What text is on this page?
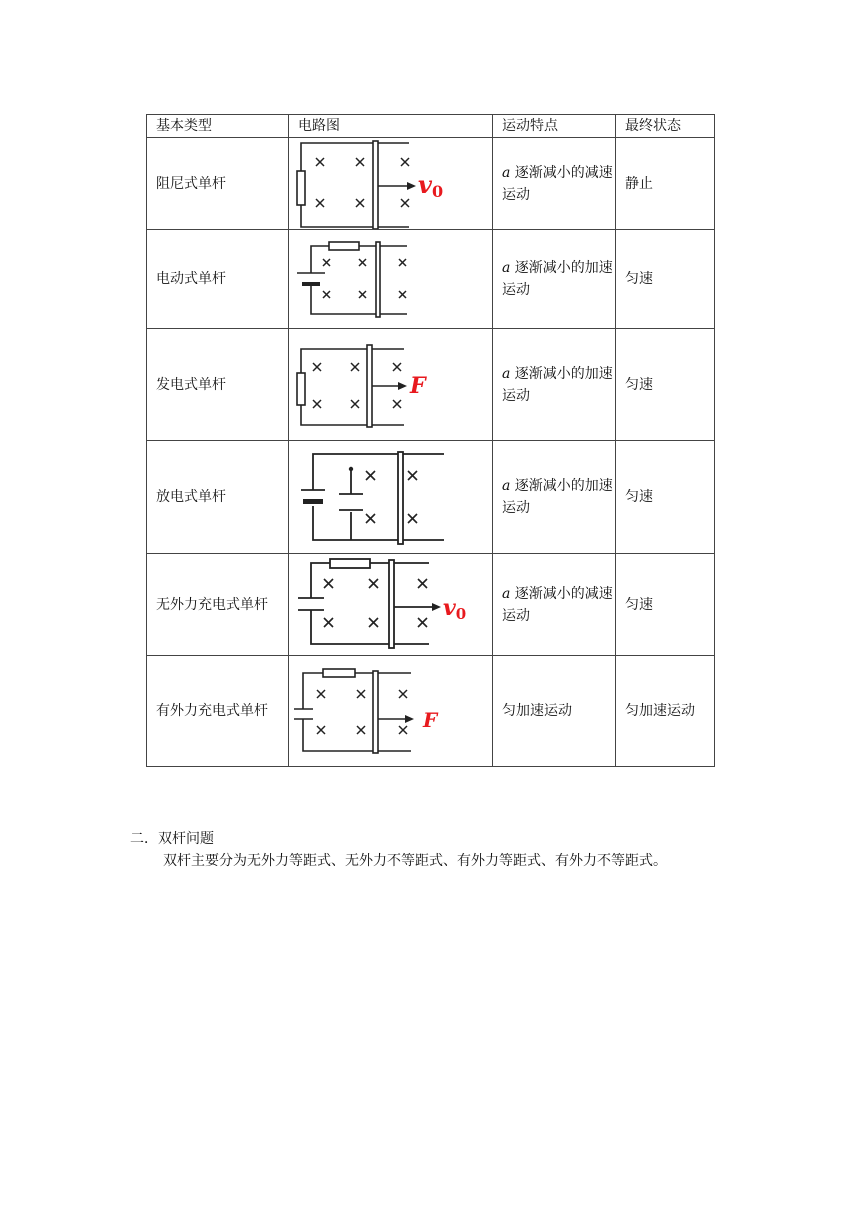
基本类型	电路图	运动特点	最终状态
阻尼式单杆	v0	a 逐渐减小的减速运动	静止
电动式单杆		a 逐渐减小的加速运动	匀速
发电式单杆	F	a 逐渐减小的加速运动	匀速
放电式单杆		a 逐渐减小的加速运动	匀速
无外力充电式单杆	v0	a 逐渐减小的减速运动	匀速
有外力充电式单杆	F	匀加速运动	匀加速运动
二．双杆问题
双杆主要分为无外力等距式、无外力不等距式、有外力等距式、有外力不等距式。
